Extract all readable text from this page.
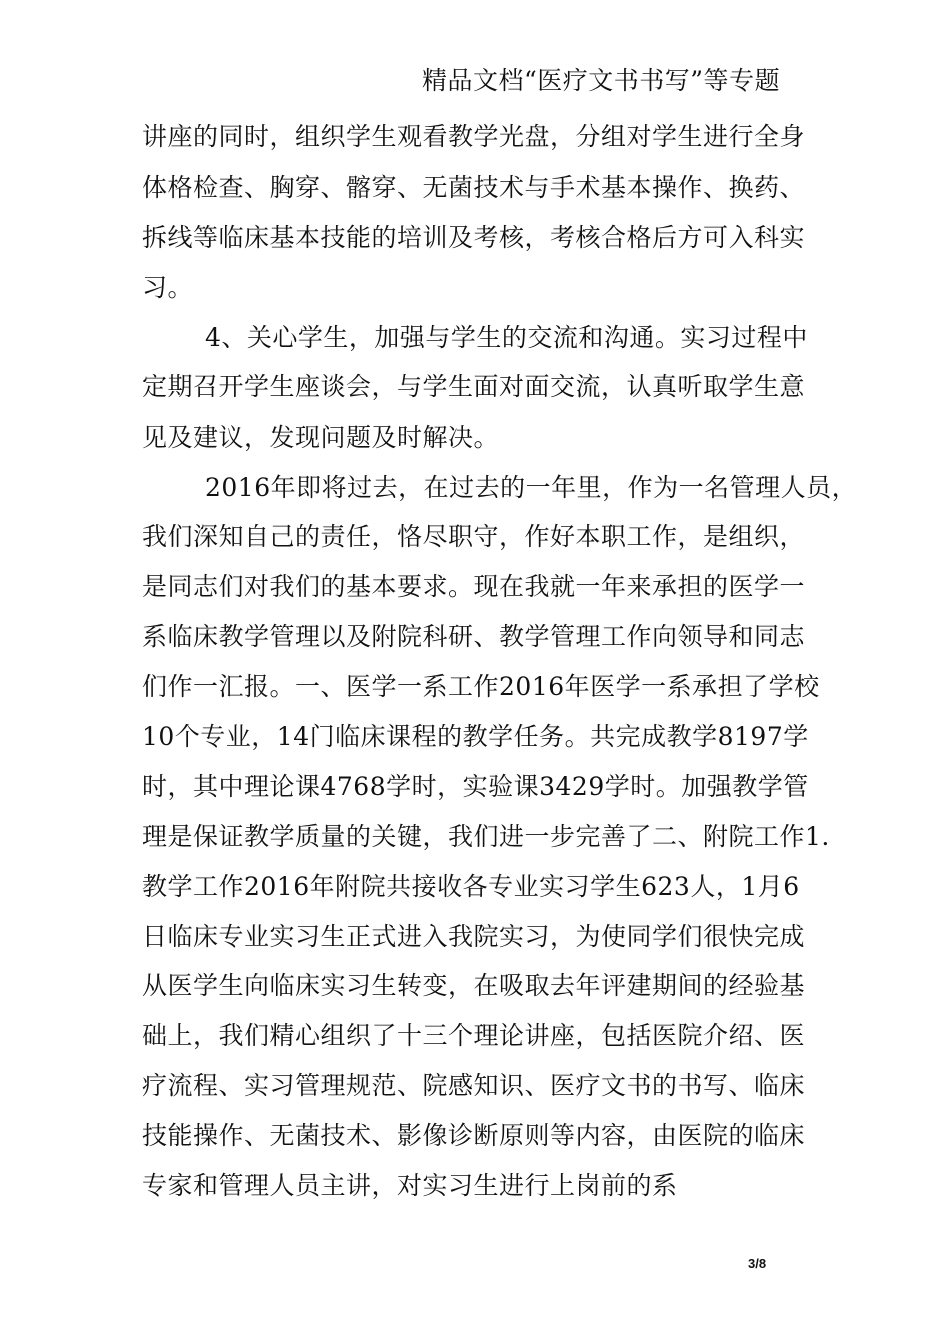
精品文档“医疗文书书写”等专题
讲座的同时，组织学生观看教学光盘，分组对学生进行全身
体格检查、胸穿、髂穿、无菌技术与手术基本操作、换药、
拆线等临床基本技能的培训及考核，考核合格后方可入科实
习。
4、关心学生，加强与学生的交流和沟通。实习过程中
定期召开学生座谈会，与学生面对面交流，认真听取学生意
见及建议，发现问题及时解决。
2016年即将过去，在过去的一年里，作为一名管理人员，
我们深知自己的责任，恪尽职守，作好本职工作，是组织，
是同志们对我们的基本要求。现在我就一年来承担的医学一
系临床教学管理以及附院科研、教学管理工作向领导和同志
们作一汇报。一、医学一系工作2016年医学一系承担了学校
10个专业，14门临床课程的教学任务。共完成教学8197学
时，其中理论课4768学时，实验课3429学时。加强教学管
理是保证教学质量的关键，我们进一步完善了二、附院工作1.
教学工作2016年附院共接收各专业实习学生623人，1月6
日临床专业实习生正式进入我院实习，为使同学们很快完成
从医学生向临床实习生转变，在吸取去年评建期间的经验基
础上，我们精心组织了十三个理论讲座，包括医院介绍、医
疗流程、实习管理规范、院感知识、医疗文书的书写、临床
技能操作、无菌技术、影像诊断原则等内容，由医院的临床
专家和管理人员主讲，对实习生进行上岗前的系
3/8
